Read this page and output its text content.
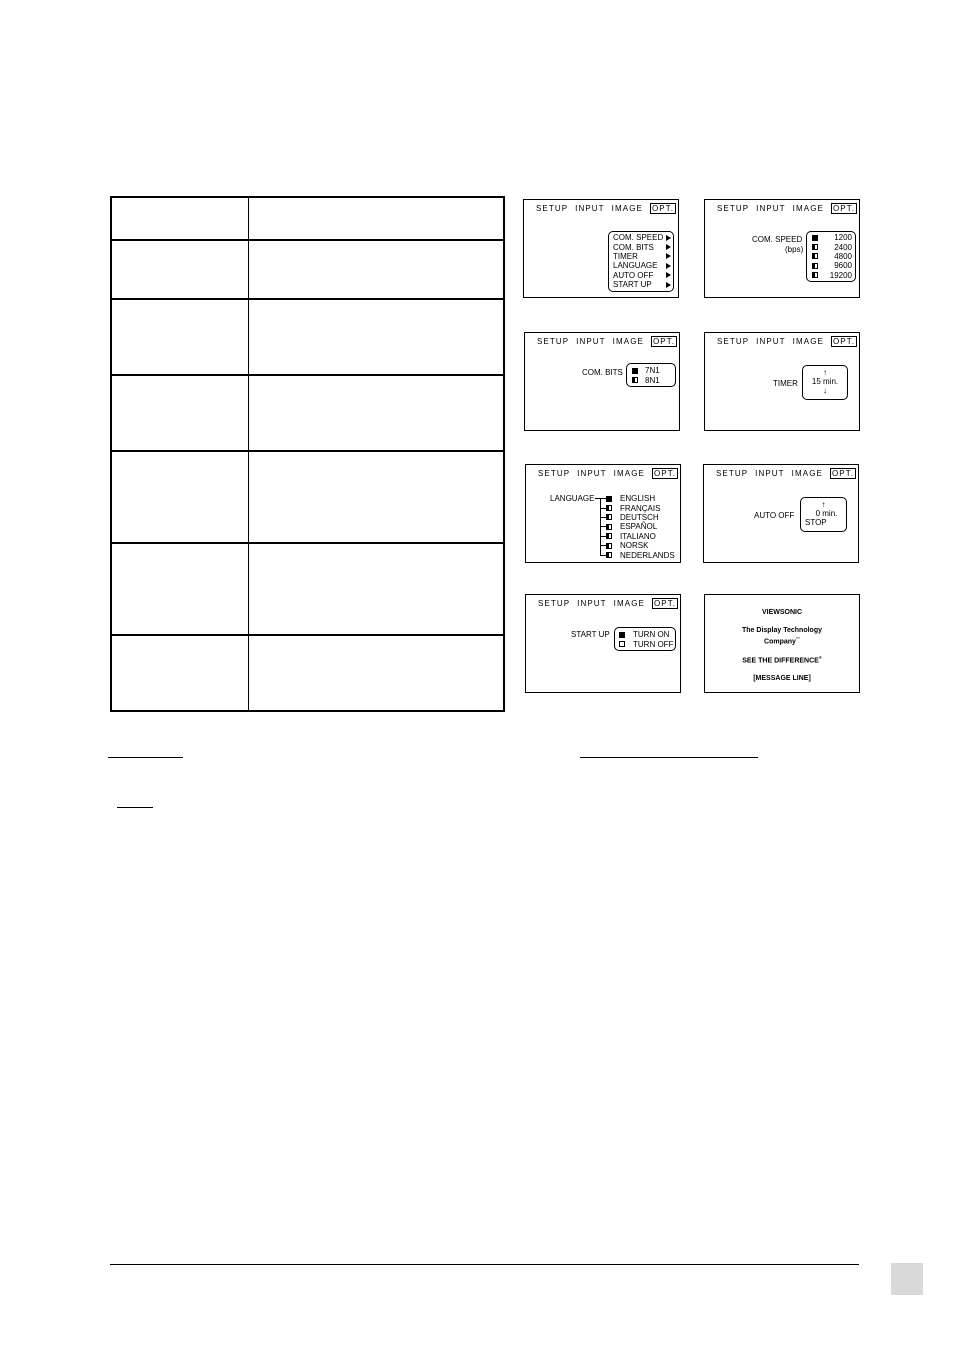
SETUP INPUT IMAGE OPT.
COM. SPEED
COM. BITS
TIMER
LANGUAGE
AUTO OFF
START UP
SETUP INPUT IMAGE OPT.
COM. SPEED
(bps)
1200
2400
4800
9600
19200
SETUP INPUT IMAGE OPT.
COM. BITS	7N1
8N1
SETUP INPUT IMAGE OPT.
TIMER
↑
15 min.
↓
SETUP INPUT IMAGE OPT.
LANGUAGE	ENGLISH
FRANÇAIS
DEUTSCH
ESPAÑOL
ITALIANO
NORSK
NEDERLANDS
SETUP INPUT IMAGE OPT.
AUTO OFF
↑
0 min.
STOP
SETUP INPUT IMAGE OPT.
START UP	TURN ON
TURN OFF
VIEWSONIC
The Display Technology
Company™
SEE THE DIFFERENCE®
[MESSAGE LINE]
